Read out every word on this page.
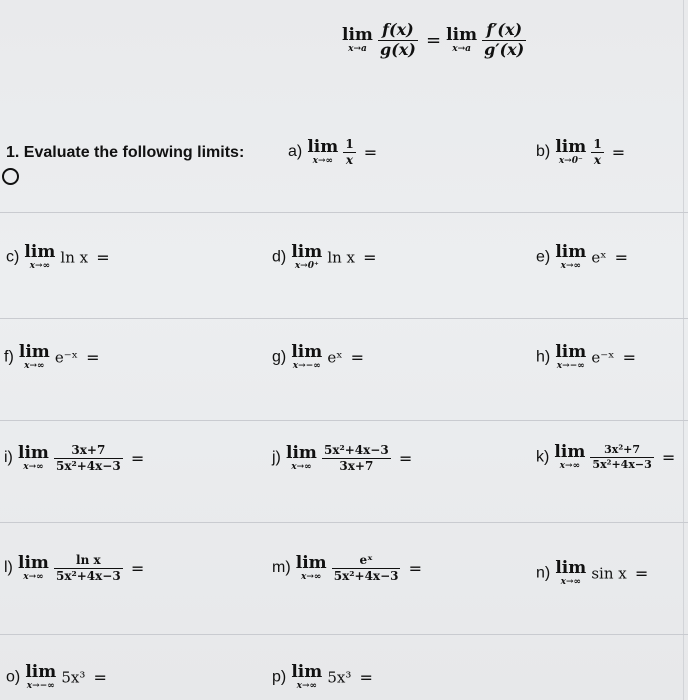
lim
x→a
$\frac{f(x)}{g(x)} = \lim$
x→a
$\frac{f'(x)}{g'(x)}$
1. Evaluate the following limits:	a) lim
x→∞
$\frac{1}{x}$ =	b) lim
x→0⁻
$\frac{1}{x}$ =
c) lim
x→∞ ln x =	d) lim
x→0⁺ ln x =	e) lim
x→∞ eˣ =
f) lim
x→∞ e⁻ˣ =	g) lim
x→−∞ eˣ =	h) lim
x→−∞ e⁻ˣ =
i) lim
x→∞
$\frac{3x+7}{\text{5x²+4x−3}}$ =	j) lim
x→∞
$\frac{\text{5x²+4x−3}}{3x+7}$ =	k) lim
x→∞
$\frac{\text{3x²+7}}{\text{5x²+4x−3}}$ =
l) lim
x→∞
$\frac{\text{ln x}}{\text{5x²+4x−3}}$ =	m) lim
x→∞
$\frac{\text{eˣ}}{\text{5x²+4x−3}}$ =	n) lim
x→∞ sin x =
o) lim
x→−∞ 5x³ =	p) lim
x→∞ 5x³ =
